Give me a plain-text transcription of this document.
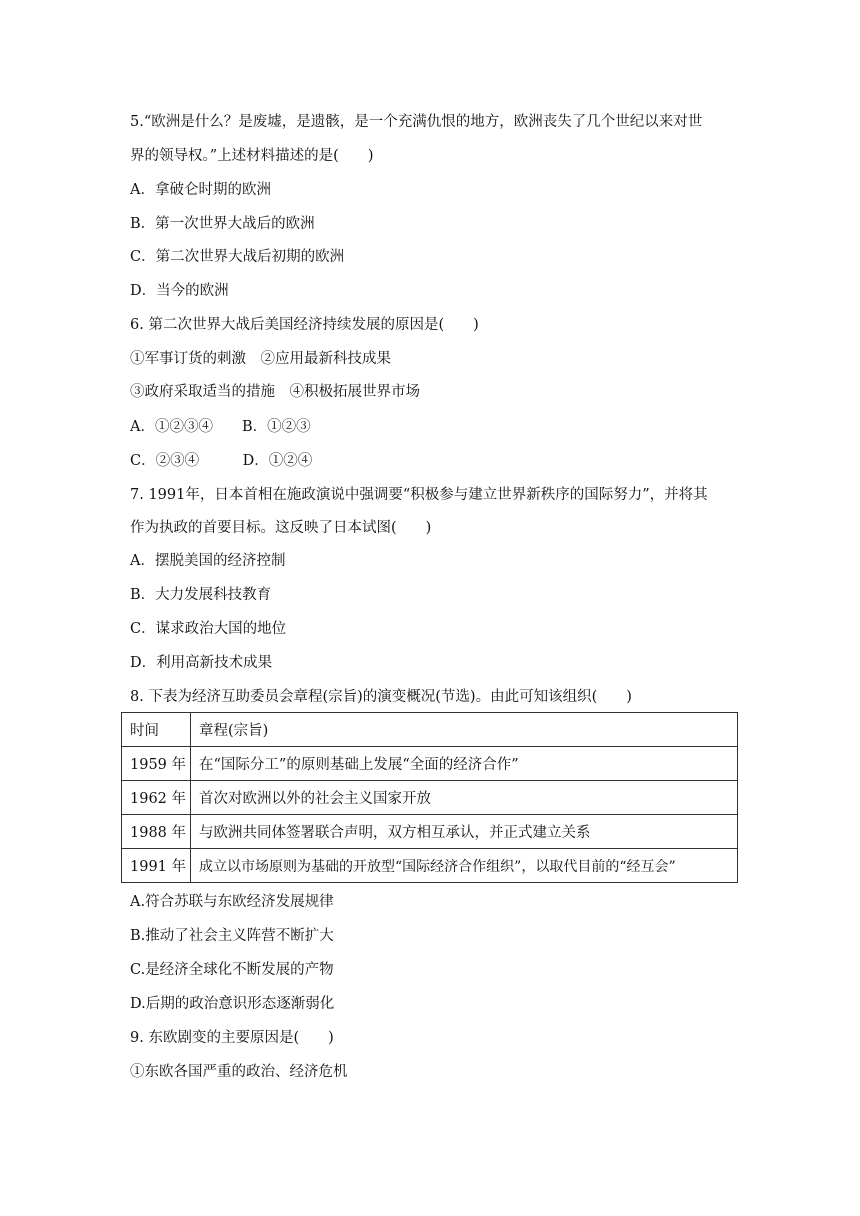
5.“欧洲是什么？是废墟，是遗骸，是一个充满仇恨的地方，欧洲丧失了几个世纪以来对世
界的领导权。”上述材料描述的是(　　)
A．拿破仑时期的欧洲
B．第一次世界大战后的欧洲
C．第二次世界大战后初期的欧洲
D．当今的欧洲
6. 第二次世界大战后美国经济持续发展的原因是(　　)
①军事订货的刺激　②应用最新科技成果
③政府采取适当的措施　④积极拓展世界市场
A．①②③④　　B．①②③
C．②③④　　　D．①②④
7. 1991年，日本首相在施政演说中强调要“积极参与建立世界新秩序的国际努力”，并将其
作为执政的首要目标。这反映了日本试图(　　)
A．摆脱美国的经济控制
B．大力发展科技教育
C．谋求政治大国的地位
D．利用高新技术成果
8. 下表为经济互助委员会章程(宗旨)的演变概况(节选)。由此可知该组织(　　)
时间	章程(宗旨)
1959 年	在“国际分工”的原则基础上发展“全面的经济合作”
1962 年	首次对欧洲以外的社会主义国家开放
1988 年	与欧洲共同体签署联合声明，双方相互承认，并正式建立关系
1991 年	成立以市场原则为基础的开放型“国际经济合作组织”，以取代目前的“经互会”
A.符合苏联与东欧经济发展规律
B.推动了社会主义阵营不断扩大
C.是经济全球化不断发展的产物
D.后期的政治意识形态逐渐弱化
9. 东欧剧变的主要原因是(　　)
①东欧各国严重的政治、经济危机
